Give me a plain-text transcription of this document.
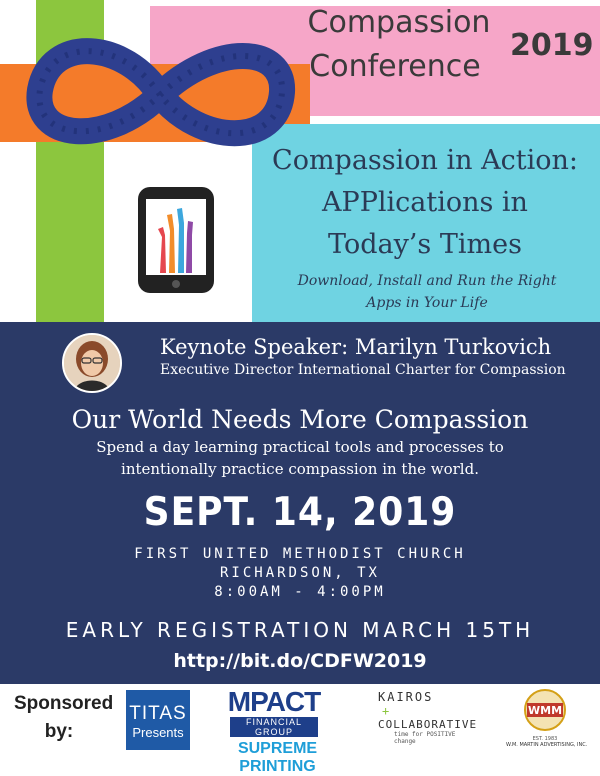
Compassion
Conference
2019
Compassion in Action:
APPlications in
Today’s Times
Download, Install and Run the Right
Apps in Your Life
Keynote Speaker: Marilyn Turkovich
Executive Director International Charter for Compassion
Our World Needs More Compassion
Spend a day learning practical tools and processes to
intentionally practice compassion in the world.
SEPT. 14, 2019
FIRST UNITED METHODIST CHURCH
RICHARDSON, TX
8:00AM - 4:00PM
EARLY REGISTRATION MARCH 15TH
http://bit.do/CDFW2019
Sponsored
by:
TITAS
Presents
MPACT
FINANCIAL GROUP
SUPREME PRINTING
KAIROS
+
COLLABORATIVE
time for POSITIVE change
WMM
EST. 1983
W.M. MARTIN ADVERTISING, INC.
